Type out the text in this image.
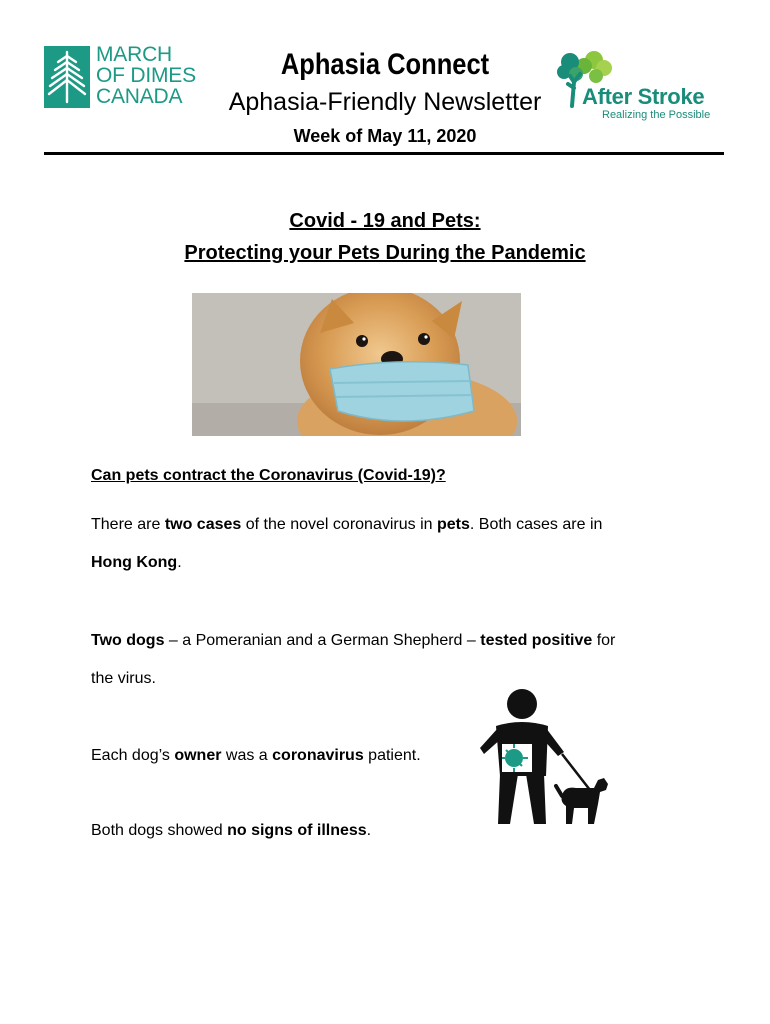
MARCH
OF DIMES
CANADA
Aphasia Connect
Aphasia-Friendly Newsletter
Week of May 11, 2020
After Stroke
Realizing the Possible
Covid - 19 and Pets:
Protecting your Pets During the Pandemic
Can pets contract the Coronavirus (Covid-19)?
There are two cases of the novel coronavirus in pets. Both cases are in
Hong Kong.
Two dogs – a Pomeranian and a German Shepherd – tested positive for
the virus.
Each dog’s owner was a coronavirus patient.
Both dogs showed no signs of illness.
